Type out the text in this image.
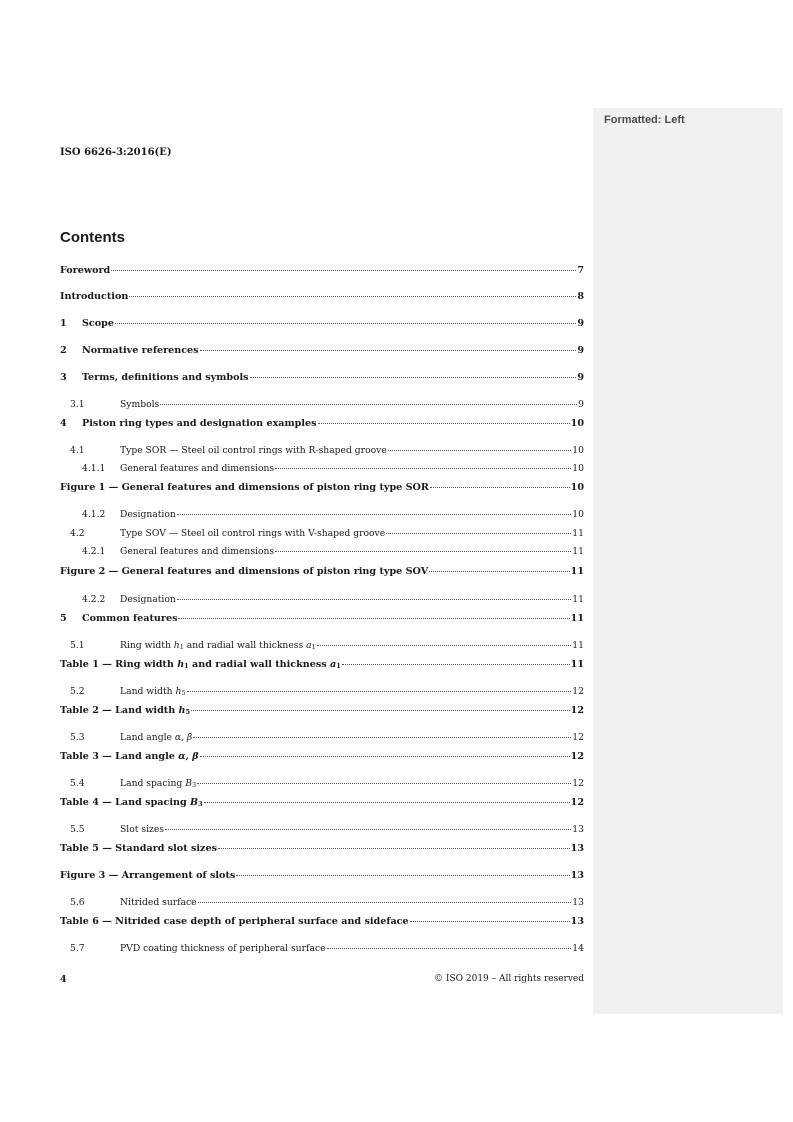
Formatted: Left
ISO 6626-3:2016(E)
Contents
Foreword	7
Introduction	8
1	Scope	9
2	Normative references	9
3	Terms, definitions and symbols	9
3.1	Symbols	9
4	Piston ring types and designation examples	10
4.1	Type SOR — Steel oil control rings with R-shaped groove	10
4.1.1	General features and dimensions	10
Figure 1 — General features and dimensions of piston ring type SOR	10
4.1.2	Designation	10
4.2	Type SOV — Steel oil control rings with V-shaped groove	11
4.2.1	General features and dimensions	11
Figure 2 — General features and dimensions of piston ring type SOV	11
4.2.2	Designation	11
5	Common features	11
5.1	Ring width $h_1$ and radial wall thickness $a_1$	11
Table 1 — Ring width $h_1$ and radial wall thickness $a_1$	11
5.2	Land width $h_5$	12
Table 2 — Land width $h_5$	12
5.3	Land angle α, β	12
Table 3 — Land angle α, β	12
5.4	Land spacing $B_3$	12
Table 4 — Land spacing $B_3$	12
5.5	Slot sizes	13
Table 5 — Standard slot sizes	13
Figure 3 — Arrangement of slots	13
5.6	Nitrided surface	13
Table 6 — Nitrided case depth of peripheral surface and sideface	13
5.7	PVD coating thickness of peripheral surface	14
4	© ISO 2019 – All rights reserved
